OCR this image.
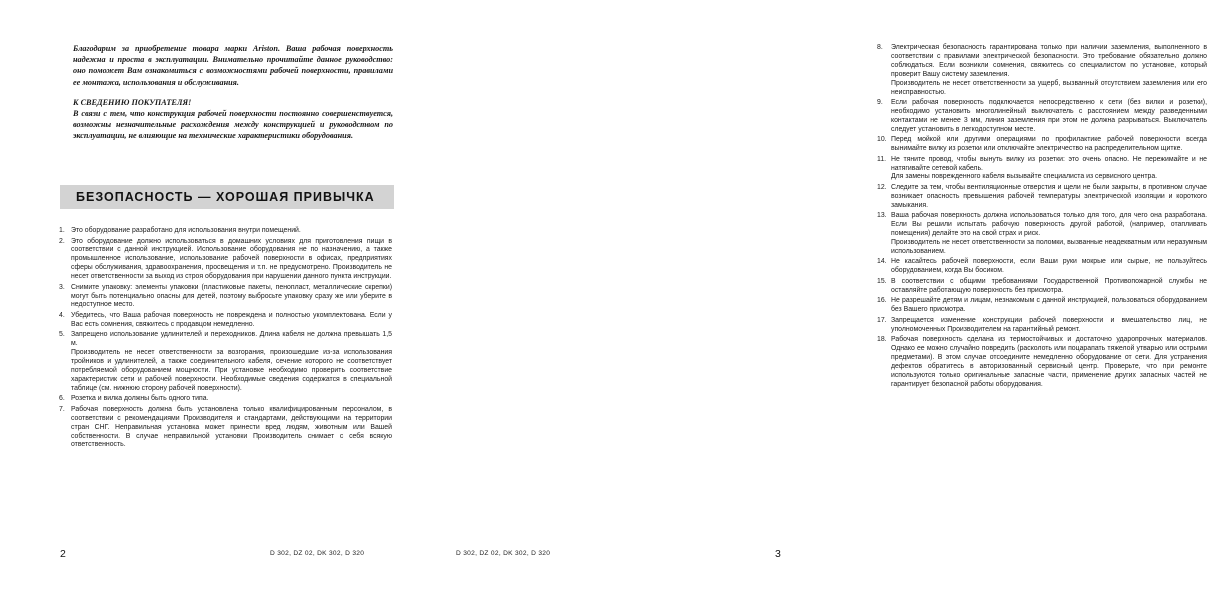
Благодарим за приобретение товара марки Ariston. Ваша рабочая поверхность надежна и проста в эксплуатации. Внимательно прочитайте данное руководство: оно поможет Вам ознакомиться с возможностями рабочей поверхности, правилами ее монтажа, использования и обслуживания.

К СВЕДЕНИЮ ПОКУПАТЕЛЯ!

В связи с тем, что конструкция рабочей поверхности постоянно совершенствуется, возможны незначительные расхождения между конструкцией и руководством по эксплуатации, не влияющие на технические характеристики оборудования.

БЕЗОПАСНОСТЬ — ХОРОШАЯ ПРИВЫЧКА
1. Это оборудование разработано для использования внутри помещений.
2. Это оборудование должно использоваться в домашних условиях для приготовления пищи в соответствии с данной инструкцией. Использование оборудования не по назначению, а также промышленное использование, использование рабочей поверхности в офисах, предприятиях сферы обслуживания, здравоохранения, просвещения и т.п. не предусмотрено. Производитель не несет ответственности за выход из строя оборудования при нарушении данного пункта инструкции.
3. Снимите упаковку: элементы упаковки (пластиковые пакеты, пенопласт, металлические скрепки) могут быть потенциально опасны для детей, поэтому выбросьте упаковку сразу же или уберите в недоступное место.
4. Убедитесь, что Ваша рабочая поверхность не повреждена и полностью укомплектована. Если у Вас есть сомнения, свяжитесь с продавцом немедленно.
5. Запрещено использование удлинителей и переходников. Длина кабеля не должна превышать 1,5 м.
Производитель не несет ответственности за возгорания, произошедшие из-за использования тройников и удлинителей, а также соединительного кабеля, сечение которого не соответствует потребляемой оборудованием мощности. При установке необходимо проверить соответствие характеристик сети и рабочей поверхности. Необходимые сведения содержатся в специальной таблице (см. нижнюю сторону рабочей поверхности).
6. Розетка и вилка должны быть одного типа.
7. Рабочая поверхность должна быть установлена только квалифицированным персоналом, в соответствии с рекомендациями Производителя и стандартами, действующими на территории стран СНГ. Неправильная установка может принести вред людям, животным или Вашей собственности. В случае неправильной установки Производитель снимает с себя всякую ответственность.
2	D 302, DZ 02, DK 302, D 320
8. Электрическая безопасность гарантирована только при наличии заземления, выполненного в соответствии с правилами электрической безопасности. Это требование обязательно должно соблюдаться. Если возникли сомнения, свяжитесь со специалистом по установке, который проверит Вашу систему заземления.
Производитель не несет ответственности за ущерб, вызванный отсутствием заземления или его неисправностью.
9. Если рабочая поверхность подключается непосредственно к сети (без вилки и розетки), необходимо установить многолинейный выключатель с расстоянием между разведенными контактами не менее 3 мм, линия заземления при этом не должна разрываться. Выключатель следует установить в легкодоступном месте.
10. Перед мойкой или другими операциями по профилактике рабочей поверхности всегда вынимайте вилку из розетки или отключайте электричество на распределительном щитке.
11. Не тяните провод, чтобы вынуть вилку из розетки: это очень опасно. Не пережимайте и не натягивайте сетевой кабель.
Для замены поврежденного кабеля вызывайте специалиста из сервисного центра.
12. Следите за тем, чтобы вентиляционные отверстия и щели не были закрыты, в противном случае возникает опасность превышения рабочей температуры электрической изоляции и короткого замыкания.
13. Ваша рабочая поверхность должна использоваться только для того, для чего она разработана. Если Вы решили испытать рабочую поверхность другой работой, (например, отапливать помещения) делайте это на свой страх и риск.
Производитель не несет ответственности за поломки, вызванные неадекватным или неразумным использованием.
14. Не касайтесь рабочей поверхности, если Ваши руки мокрые или сырые, не пользуйтесь оборудованием, когда Вы босиком.
15. В соответствии с общими требованиями Государственной Противопожарной службы не оставляйте работающую поверхность без присмотра.
16. Не разрешайте детям и лицам, незнакомым с данной инструкцией, пользоваться оборудованием без Вашего присмотра.
17. Запрещается изменение конструкции рабочей поверхности и вмешательство лиц, не уполномоченных Производителем на гарантийный ремонт.
18. Рабочая поверхность сделана из термостойчивых и достаточно ударопрочных материалов. Однако ее можно случайно повредить (расколоть или поцарапать тяжелой утварью или острыми предметами). В этом случае отсоедините немедленно оборудование от сети. Для устранения дефектов обратитесь в авторизованный сервисный центр. Проверьте, что при ремонте используются только оригинальные запасные части, применение других запасных частей не гарантирует безопасной работы оборудования.
D 302, DZ 02, DK 302, D 320	3
